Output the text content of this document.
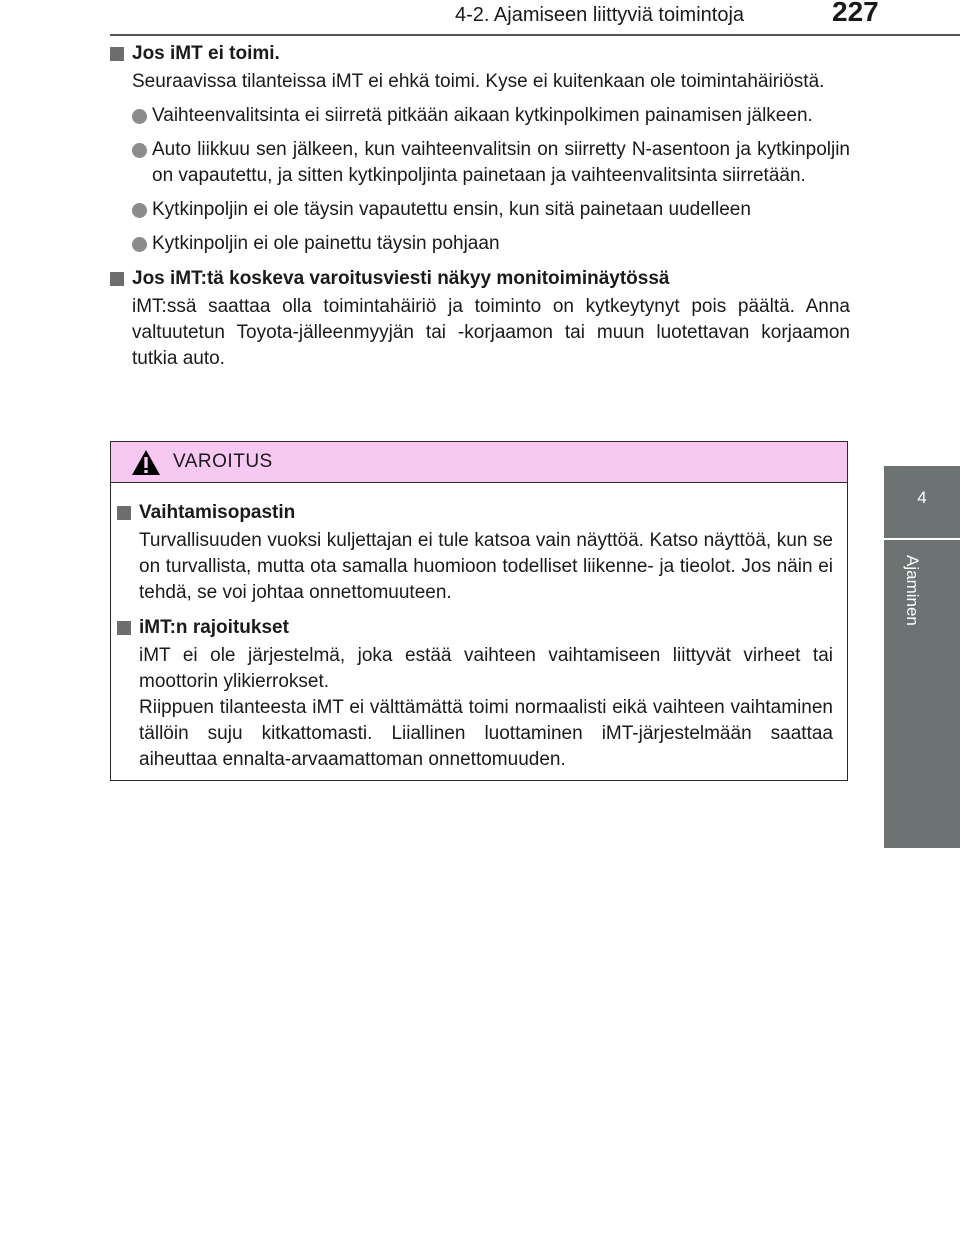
4-2. Ajamiseen liittyviä toimintoja	227
4
Ajaminen
Jos iMT ei toimi.

Seuraavissa tilanteissa iMT ei ehkä toimi. Kyse ei kuitenkaan ole toimintahäiriöstä.

Vaihteenvalitsinta ei siirretä pitkään aikaan kytkinpolkimen painamisen jälkeen.
Auto liikkuu sen jälkeen, kun vaihteenvalitsin on siirretty N-asentoon ja kytkinpoljin on vapautettu, ja sitten kytkinpoljinta painetaan ja vaihteenvalitsinta siirretään.
Kytkinpoljin ei ole täysin vapautettu ensin, kun sitä painetaan uudelleen
Kytkinpoljin ei ole painettu täysin pohjaan
Jos iMT:tä koskeva varoitusviesti näkyy monitoiminäytössä

iMT:ssä saattaa olla toimintahäiriö ja toiminto on kytkeytynyt pois päältä. Anna valtuutetun Toyota-jälleenmyyjän tai -korjaamon tai muun luotettavan korjaamon tutkia auto.

VAROITUS
Vaihtamisopastin

Turvallisuuden vuoksi kuljettajan ei tule katsoa vain näyttöä. Katso näyttöä, kun se on turvallista, mutta ota samalla huomioon todelliset liikenne- ja tieolot. Jos näin ei tehdä, se voi johtaa onnettomuuteen.

iMT:n rajoitukset

iMT ei ole järjestelmä, joka estää vaihteen vaihtamiseen liittyvät virheet tai moottorin ylikierrokset.

Riippuen tilanteesta iMT ei välttämättä toimi normaalisti eikä vaihteen vaihtaminen tällöin suju kitkattomasti. Liiallinen luottaminen iMT-järjestelmään saattaa aiheuttaa ennalta-arvaamattoman onnettomuuden.
